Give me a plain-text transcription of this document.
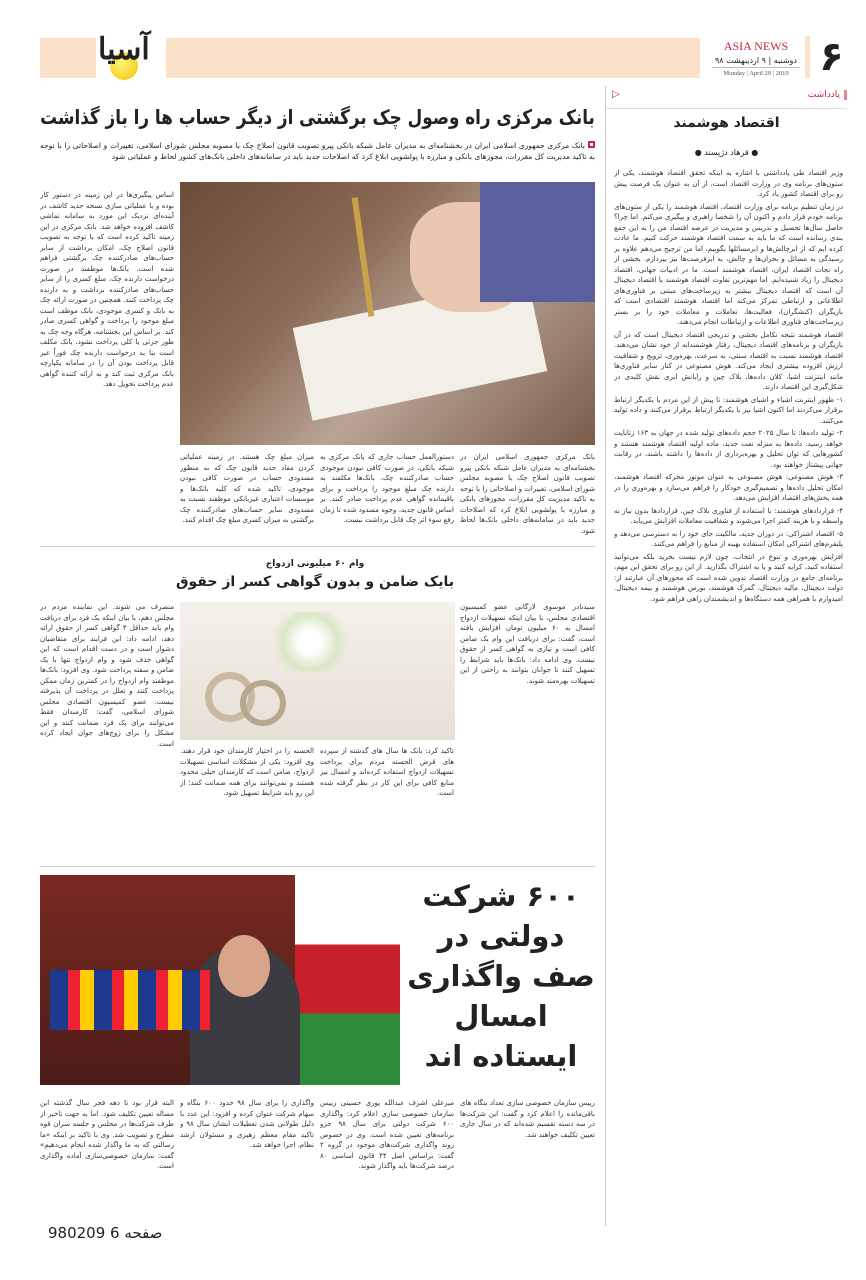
آسیا	ASIA NEWS
دوشنبه | ۹ اردیبهشت ۹۸
Monday | April 29 | 2019 ۶
یادداشت
▷
اقتصاد هوشمند
● فرهاد دژپسند ●

وزیر اقتصاد طی یادداشتی با اشاره به اینکه تحقق اقتصاد هوشمند، یکی از ستون‌های برنامه وی در وزارت اقتصاد است، از آن به عنوان یک فرصت پیش رو برای اقتصاد کشور یاد کرد.

در زمان تنظیم برنامه برای وزارت اقتصاد، اقتصاد هوشمند را یکی از ستون‌های برنامه خودم قرار دادم و اکنون آن را شخصا راهبری و پیگیری می‌کنم. اما چرا؟ حاصل سال‌ها تحصیل و تدریس و مدیریت در عرصه اقتصاد من را به این جمع بندی رسانده است که ما باید به سمت اقتصاد هوشمند حرکت کنیم. ما عادت کرده ایم که از ابرچالش‌ها و ابرمسائلها بگوییم، اما من ترجیح می‌دهم علاوه بر رسیدگی به مسائل و بحران‌ها و چالش، به ابرفرصت‌ها نیز بپردازم. بخشی از راه نجات اقتصاد ایران، اقتصاد هوشمند است. ما در ادبیات جهانی، اقتصاد دیجیتال را زیاد شنیده‌ایم. اما مهم‌ترین تفاوت اقتصاد هوشمند با اقتصاد دیجیتال آن است که اقتصاد دیجیتال بیشتر به زیرساخت‌های مبتنی بر فناوری‌های اطلاعاتی و ارتباطی تمرکز می‌کند اما اقتصاد هوشمند اقتصادی است که بازیگران (کنشگران)، فعالیت‌ها، تعاملات و معاملات خود را بر بستر زیرساخت‌های فناوری اطلاعات و ارتباطات انجام می‌دهند.

اقتصاد هوشمند نتیجه تکامل بخشی و تدریجی اقتصاد دیجیتال است که در آن بازیگران و برنامه‌های اقتصاد دیجیتال، رفتار هوشمندانه از خود نشان می‌دهند. اقتصاد هوشمند نسبت به اقتصاد سنتی، به سرعت، بهره‌وری، ترویج و شفافیت ارزش افزوده بیشتری ایجاد می‌کند. هوش مصنوعی در کنار سایر فناوری‌ها مانند اینترنت اشیا، کلان داده‌ها، بلاک چین و رایانش ابری نقش کلیدی در شکل‌گیری این اقتصاد دارند.

۱- ظهور اینترنت اشیاء و اشیای هوشمند: تا پیش از این مردم با یکدیگر ارتباط برقرار می‌کردند اما اکنون اشیا نیز با یکدیگر ارتباط برقرار می‌کنند و داده تولید می‌کنند.

۲- تولید داده‌ها: تا سال ۲۰۲۵ حجم داده‌های تولید شده در جهان به ۱۶۳ زتابایت خواهد رسید. داده‌ها به منزله نفت جدید، ماده اولیه اقتصاد هوشمند هستند و کشورهایی که توان تحلیل و بهره‌برداری از داده‌ها را داشته باشند، در رقابت جهانی پیشتاز خواهند بود.

۳- هوش مصنوعی: هوش مصنوعی به عنوان موتور محرکه اقتصاد هوشمند، امکان تحلیل داده‌ها و تصمیم‌گیری خودکار را فراهم می‌سازد و بهره‌وری را در همه بخش‌های اقتصاد افزایش می‌دهد.

۴- قراردادهای هوشمند: با استفاده از فناوری بلاک چین، قراردادها بدون نیاز به واسطه و با هزینه کمتر اجرا می‌شوند و شفافیت معاملات افزایش می‌یابد.

۵- اقتصاد اشتراکی: در دوران جدید، مالکیت جای خود را به دسترسی می‌دهد و پلتفرم‌های اشتراکی امکان استفاده بهینه از منابع را فراهم می‌کنند.

افزایش بهره‌وری و تنوع در انتخاب، چون لازم نیست بخرید بلکه می‌توانید استفاده کنید، کرایه کنید و یا به اشتراک بگذارید. از این رو برای تحقق این مهم، برنامه‌ای جامع در وزارت اقتصاد تدوین شده است که محورهای آن عبارتند از: دولت دیجیتال، مالیه دیجیتال، گمرک هوشمند، بورس هوشمند و بیمه دیجیتال. امیدوارم با همراهی همه دستگاه‌ها و اندیشمندان راهی فراهم شود.

بانک مرکزی راه وصول چک برگشتی از دیگر حساب ها را باز گذاشت
بانک مرکزی جمهوری اسلامی ایران در بخشنامه‌ای به مدیران عامل شبکه بانکی پیرو تصویب قانون اصلاح چک با مصوبه مجلس شورای اسلامی، تغییرات و اصلاحاتی را با توجه به تاکید مدیریت کل مقررات، مجوزهای بانکی و مبارزه با پولشویی ابلاغ کرد که اصلاحات جدید باید در سامانه‌های داخلی بانک‌های کشور لحاظ و عملیاتی شود
اساس پیگیری‌ها در این زمینه در دستور کار بوده و با عملیاتی سازی نسخه جدید کاشف در آینده‌ای نزدیک این مورد به سامانه تماشی کاشف افزوده خواهد شد. بانک مرکزی در این زمینه تاکید کرده است که با توجه به تصویب قانون اصلاح چک، امکان برداشت از سایر حساب‌های صادرکننده چک برگشتی فراهم شده است. بانک‌ها موظفند در صورت درخواست دارنده چک، مبلغ کسری را از سایر حساب‌های صادرکننده برداشت و به دارنده چک پرداخت کنند. همچنین در صورت ارائه چک به بانک و کسری موجودی، بانک موظف است مبلغ موجود را پرداخت و گواهی کسری صادر کند. بر اساس این بخشنامه، هرگاه وجه چک به طور جزئی یا کلی پرداخت نشود، بانک مکلف است بنا به درخواست دارنده چک فوراً غیر قابل پرداخت بودن آن را در سامانه یکپارچه بانک مرکزی ثبت کند و به ارائه کننده گواهی عدم پرداخت تحویل دهد.
میزان مبلغ چک هستند. در زمینه عملیاتی کردن مفاد جدید قانون چک که به منظور مسدودی حساب در صورت کافی نبودن موجودی، تاکید شده که کلیه بانک‌ها و موسسات اعتباری غیربانکی موظفند نسبت به مسدودی سایر حساب‌های صادرکننده چک برگشتی به میزان کسری مبلغ چک اقدام کنند.
دستورالعمل حساب جاری که بانک مرکزی به شبکه بانکی، در صورت کافی نبودن موجودی حساب صادرکننده چک، بانک‌ها مکلفند به دارنده چک مبلغ موجود را پرداخت و برای باقیمانده گواهی عدم پرداخت صادر کنند. بر اساس قانون جدید، وجوه مسدود شده تا زمان رفع سوء اثر چک قابل برداشت نیست.
بانک مرکزی جمهوری اسلامی ایران در بخشنامه‌ای به مدیران عامل شبکه بانکی پیرو تصویب قانون اصلاح چک با مصوبه مجلس شورای اسلامی، تغییرات و اصلاحاتی را با توجه به تاکید مدیریت کل مقررات، مجوزهای بانکی و مبارزه با پولشویی ابلاغ کرد که اصلاحات جدید باید در سامانه‌های داخلی بانک‌ها لحاظ شود.
وام ۶۰ میلیونی ازدواج
بایک ضامن و بدون گواهی کسر از حقوق
منصرف می شوند. این نماینده مردم در مجلس دهم، با بیان اینکه یک فرد برای دریافت وام باید حداقل ۳ گواهی کسر از حقوق ارائه دهد، ادامه داد: این فرایند برای متقاضیان دشوار است و در دست اقدام است که این گواهی حذف شود و وام ازدواج تنها با یک ضامن و سفته پرداخت شود. وی افزود: بانک‌ها موظفند وام ازدواج را در کمترین زمان ممکن پرداخت کنند و تعلل در پرداخت آن پذیرفته نیست. عضو کمیسیون اقتصادی مجلس شورای اسلامی، گفت: کارمندان فقط می‌توانند برای یک فرد ضمانت کنند و این مشکل را برای زوج‌های جوان ایجاد کرده است.
الحسنه را در اختیار کارمندان خود قرار دهند. وی افزود: یکی از مشکلات اساسی تسهیلات ازدواج، ضامن است که کارمندان خیلی محدود هستند و نمی‌توانند برای همه ضمانت کنند؛ از این رو باید شرایط تسهیل شود.
تاکید کرد: بانک ها سال های گذشته از سپرده های قرض الحسنه مردم برای پرداخت تسهیلات ازدواج استفاده کرده‌اند و امسال نیز منابع کافی برای این کار در نظر گرفته شده است.
سیدنادر موسوی لارگانی عضو کمیسیون اقتصادی مجلس، با بیان اینکه تسهیلات ازدواج امسال به ۶۰ میلیون تومان افزایش یافته است، گفت: برای دریافت این وام یک ضامن کافی است و نیازی به گواهی کسر از حقوق نیست. وی ادامه داد: بانک‌ها باید شرایط را تسهیل کنند تا جوانان بتوانند به راحتی از این تسهیلات بهره‌مند شوند.
۶۰۰ شرکت دولتی در صف واگذاری امسال ایستاده اند
البته قرار بود تا دهه فجر سال گذشته این مساله تعیین تکلیف شود. اما به جهت تاخیر از طرف شرکت‌ها در مجلس و جلسه سران قوه مطرح و تصویب شد. وی با تاکید بر اینکه «ما رسالتی که به ما واگذار شده انجام می‌دهیم» گفت: سازمان خصوصی‌سازی آماده واگذاری است.
واگذاری را برای سال ۹۸ حدود ۶۰۰ بنگاه و سهام شرکت عنوان کرده و افزود: این عدد با دلیل طولانی شدن تعطیلات ایشان سال ۹۸ و تاکید مقام معظم رهبری و مسئولان ارشد نظام، اجرا خواهد شد.
میرعلی اشرف عبدالله پوری حسینی رییس سازمان خصوصی سازی اعلام کرد: واگذاری ۶۰۰ شرکت دولتی برای سال ۹۸ جزو برنامه‌های تعیین شده است. وی در خصوص روند واگذاری شرکت‌های موجود در گروه ۲ گفت: براساس اصل ۴۴ قانون اساسی ۸۰ درصد شرکت‌ها باید واگذار شوند.
رییس سازمان خصوصی سازی تعداد بنگاه های باقی‌مانده را اعلام کرد و گفت: این شرکت‌ها در سه دسته تقسیم شده‌اند که در سال جاری تعیین تکلیف خواهند شد.
980209 6 صفحه
